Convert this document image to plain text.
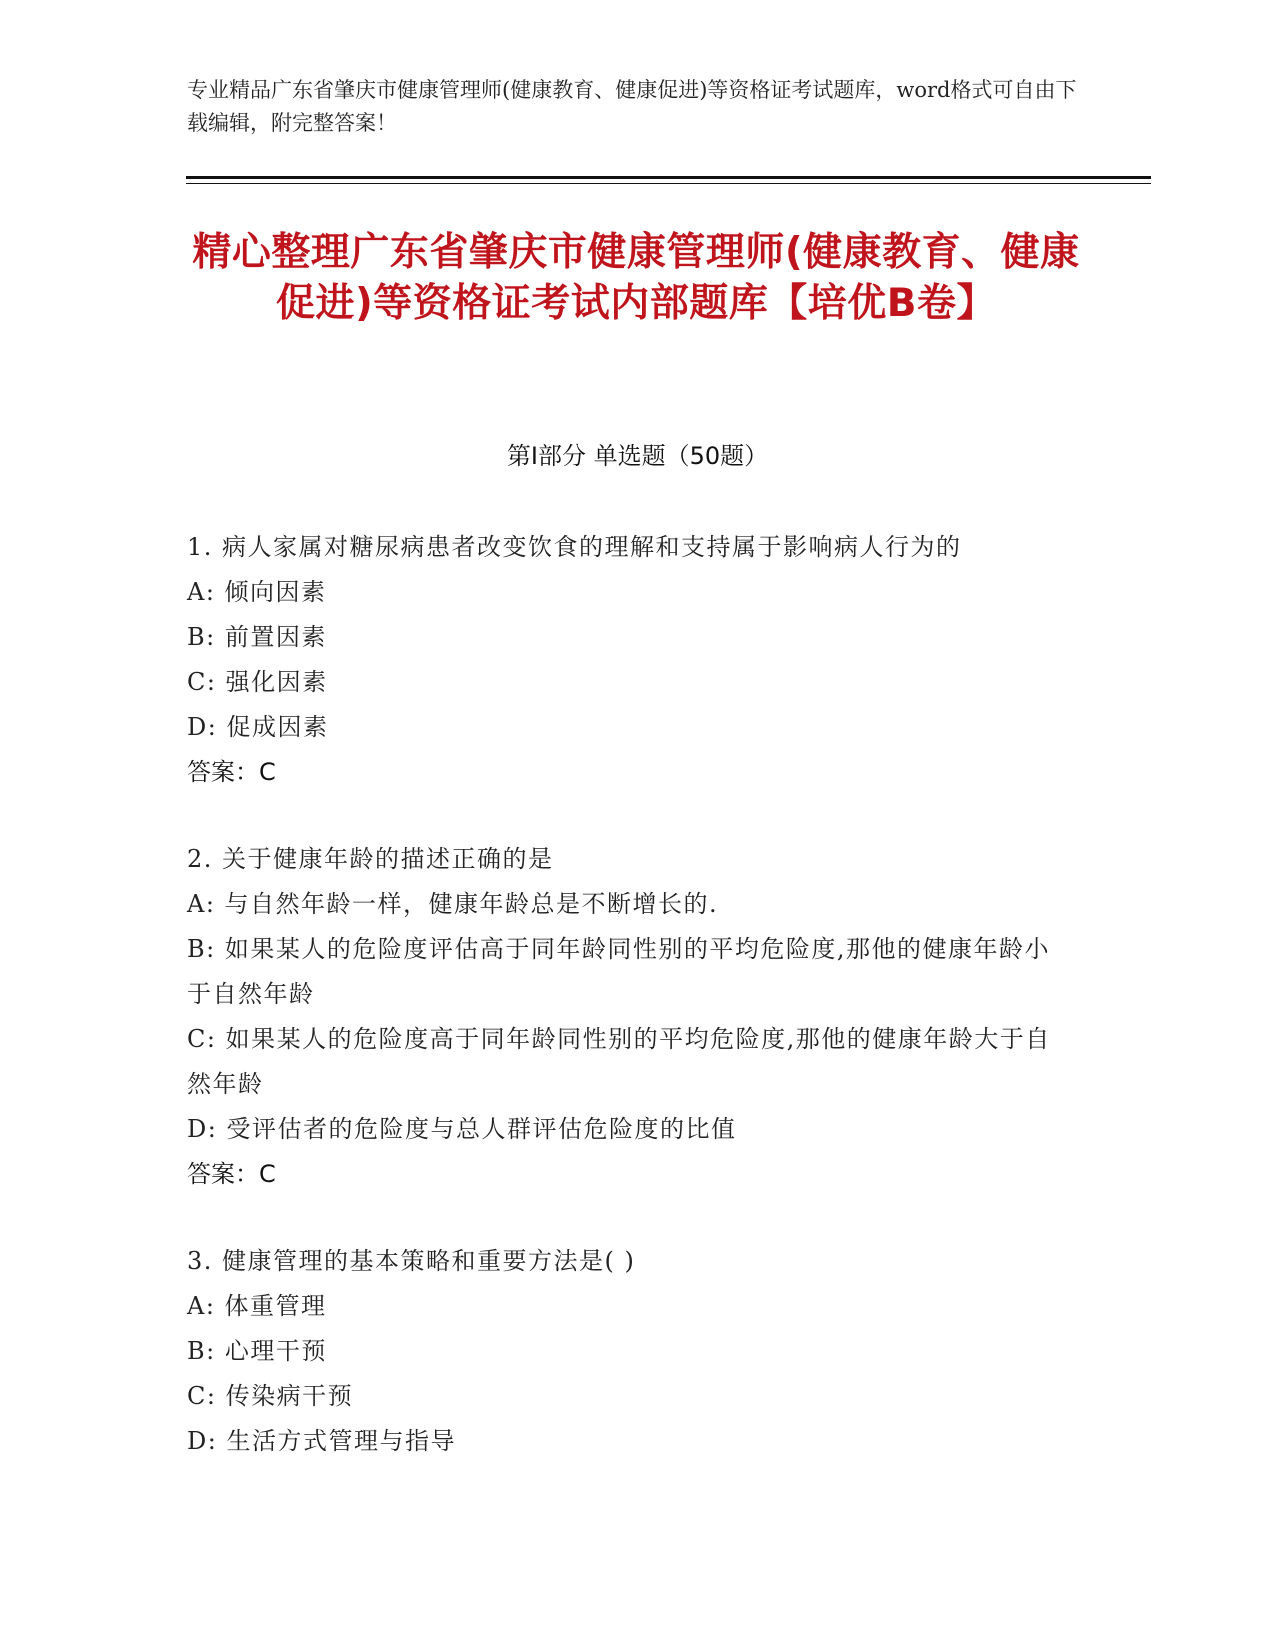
专业精品广东省肇庆市健康管理师(健康教育、健康促进)等资格证考试题库，word格式可自由下载编辑，附完整答案！
精心整理广东省肇庆市健康管理师(健康教育、健康促进)等资格证考试内部题库【培优B卷】
第Ⅰ部分 单选题（50题）
1. 病人家属对糖尿病患者改变饮食的理解和支持属于影响病人行为的
A: 倾向因素
B: 前置因素
C: 强化因素
D: 促成因素
答案：C
2. 关于健康年龄的描述正确的是
A: 与自然年龄一样，健康年龄总是不断增长的.
B: 如果某人的危险度评估高于同年龄同性别的平均危险度,那他的健康年龄小于自然年龄
C: 如果某人的危险度高于同年龄同性别的平均危险度,那他的健康年龄大于自然年龄
D: 受评估者的危险度与总人群评估危险度的比值
答案：C
3. 健康管理的基本策略和重要方法是( )
A: 体重管理
B: 心理干预
C: 传染病干预
D: 生活方式管理与指导
